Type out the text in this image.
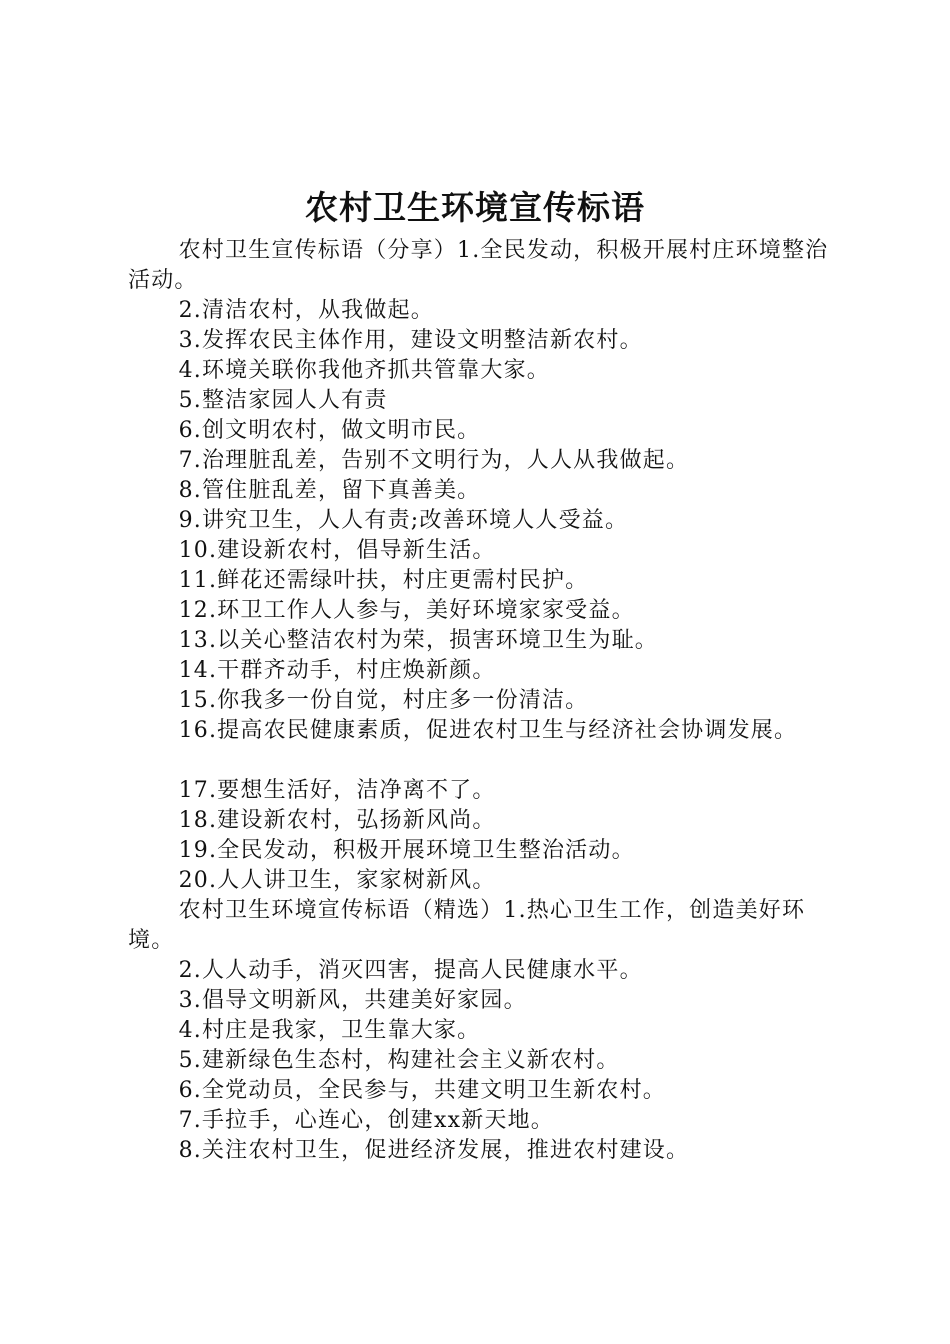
农村卫生环境宣传标语

农村卫生宣传标语（分享）1.全民发动，积极开展村庄环境整治活动。

2.清洁农村，从我做起。

3.发挥农民主体作用，建设文明整洁新农村。

4.环境关联你我他齐抓共管靠大家。

5.整洁家园人人有责

6.创文明农村，做文明市民。

7.治理脏乱差，告别不文明行为，人人从我做起。

8.管住脏乱差，留下真善美。

9.讲究卫生，人人有责;改善环境人人受益。

10.建设新农村，倡导新生活。

11.鲜花还需绿叶扶，村庄更需村民护。

12.环卫工作人人参与，美好环境家家受益。

13.以关心整洁农村为荣，损害环境卫生为耻。

14.干群齐动手，村庄焕新颜。

15.你我多一份自觉，村庄多一份清洁。

16.提高农民健康素质，促进农村卫生与经济社会协调发展。

17.要想生活好，洁净离不了。

18.建设新农村，弘扬新风尚。

19.全民发动，积极开展环境卫生整治活动。

20.人人讲卫生，家家树新风。

农村卫生环境宣传标语（精选）1.热心卫生工作，创造美好环境。

2.人人动手，消灭四害，提高人民健康水平。

3.倡导文明新风，共建美好家园。

4.村庄是我家，卫生靠大家。

5.建新绿色生态村，构建社会主义新农村。

6.全党动员，全民参与，共建文明卫生新农村。

7.手拉手，心连心，创建xx新天地。

8.关注农村卫生，促进经济发展，推进农村建设。
